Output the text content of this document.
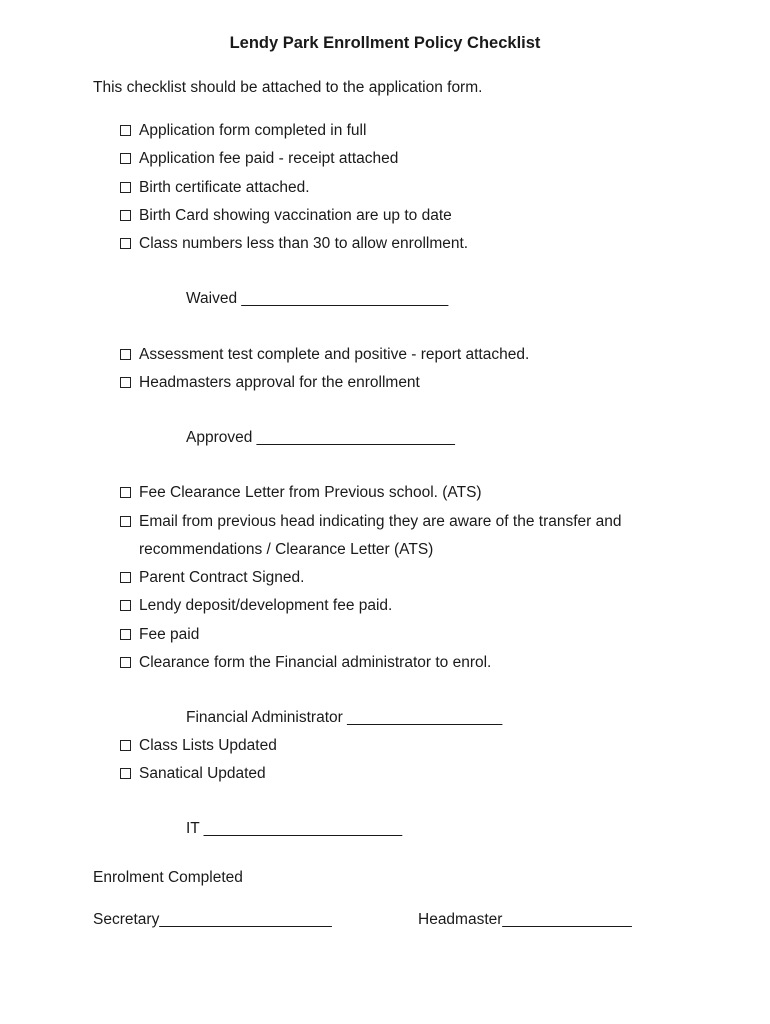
Lendy Park Enrollment Policy Checklist
This checklist should be attached to the application form.
Application form completed in full
Application fee paid - receipt attached
Birth certificate attached.
Birth Card showing vaccination are up to date
Class numbers less than 30 to allow enrollment.
Waived ________________________
Assessment test complete and positive - report attached.
Headmasters approval for the enrollment
Approved _______________________
Fee Clearance Letter from Previous school. (ATS)
Email from previous head indicating they are aware of the transfer and
recommendations / Clearance Letter (ATS)
Parent Contract Signed.
Lendy deposit/development fee paid.
Fee paid
Clearance form the Financial administrator to enrol.
Financial Administrator __________________
Class Lists Updated
Sanatical Updated
IT _______________________
Enrolment Completed
Secretary____________________	Headmaster_______________
